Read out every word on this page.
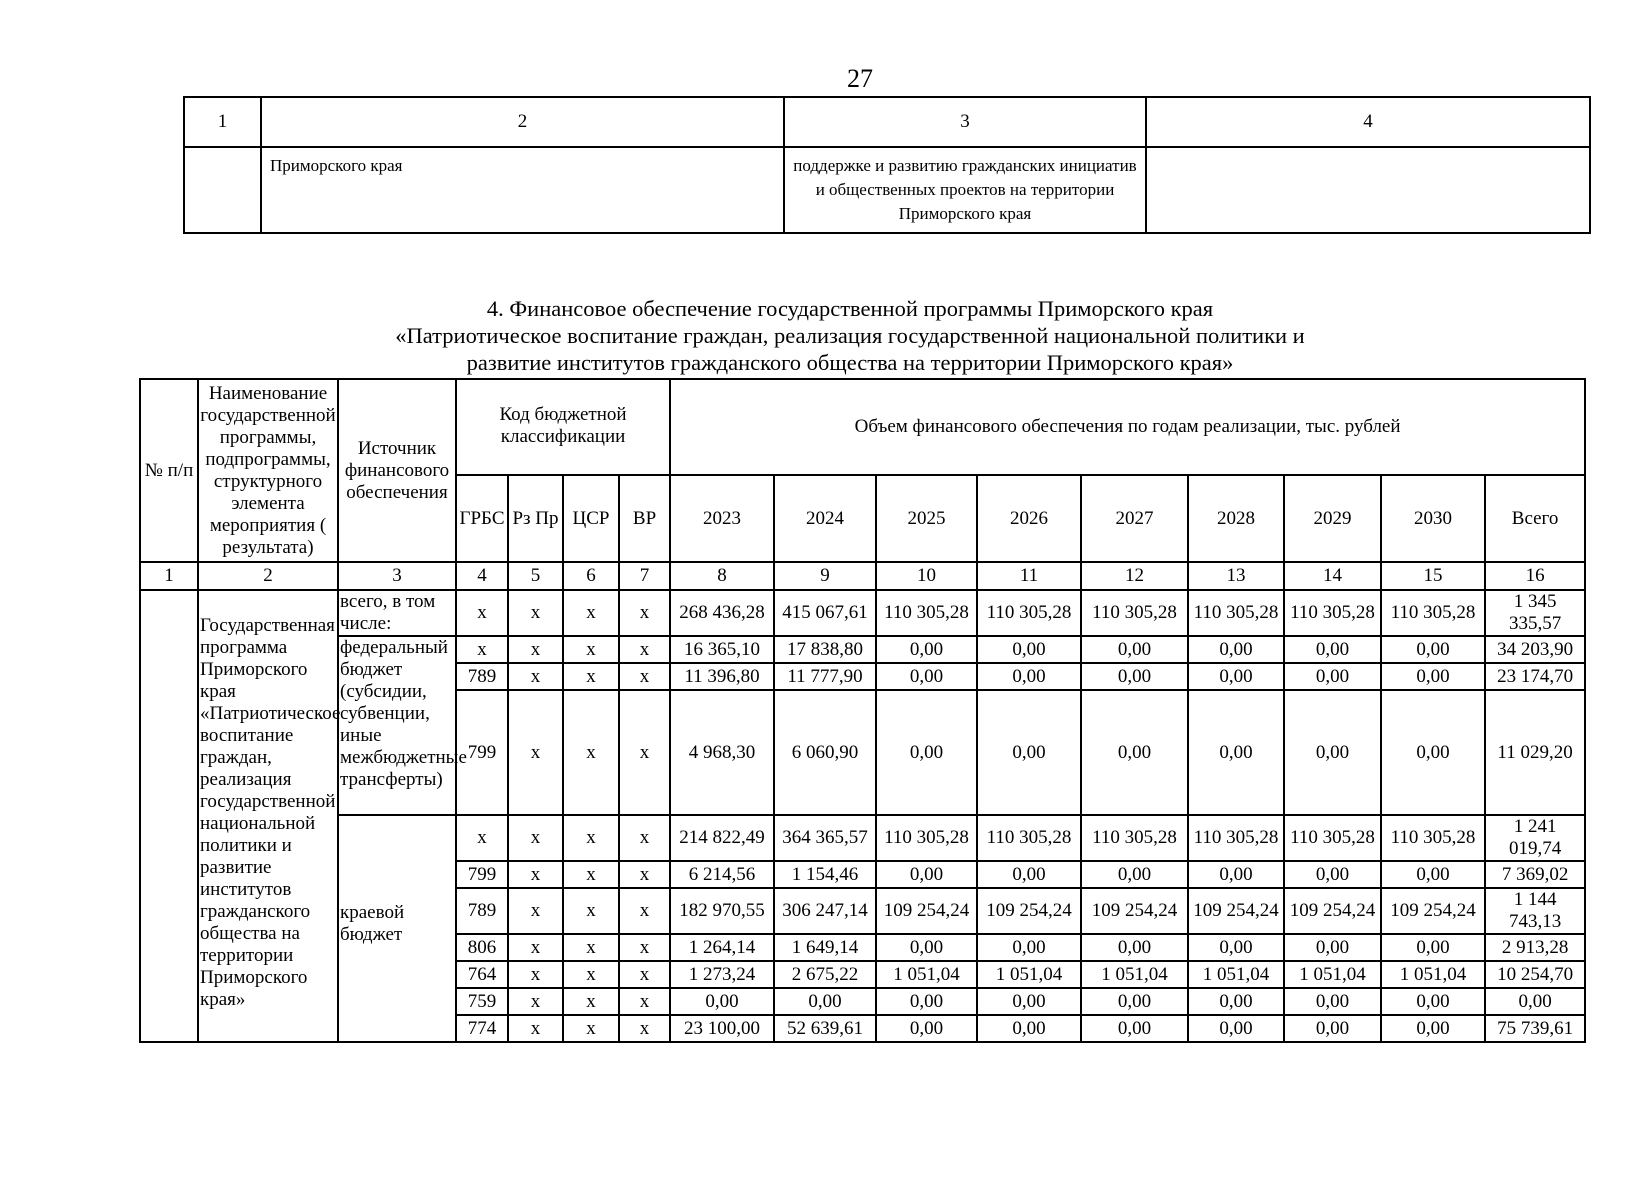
27
1	2	3	4
	Приморского края	поддержке и развитию гражданских инициатив и общественных проектов на территории Приморского края	
4. Финансовое обеспечение государственной программы Приморского края
«Патриотическое воспитание граждан, реализация государственной национальной политики и
развитие институтов гражданского общества на территории Приморского края»
№ п/п	Наименование государственной программы, подпрограммы, структурного элемента мероприятия ( результата)	Источник финансового обеспечения	Код бюджетной классификации				Объем финансового обеспечения по годам реализации, тыс. рублей								
			ГРБС	Рз Пр	ЦСР	ВР	2023	2024	2025	2026	2027	2028	2029	2030	Всего
1	2	3	4	5	6	7	8	9	10	11	12	13	14	15	16
	Государственная программа Приморского края «Патриотическое воспитание граждан, реализация государственной национальной политики и развитие институтов гражданского общества на территории Приморского края»	всего, в том числе:	x	x	x	x	268 436,28	415 067,61	110 305,28	110 305,28	110 305,28	110 305,28	110 305,28	110 305,28	1 345 335,57
		федеральный бюджет (субсидии, субвенции, иные межбюджетные трансферты)	x	x	x	x	16 365,10	17 838,80	0,00	0,00	0,00	0,00	0,00	0,00	34 203,90
			789	x	x	x	11 396,80	11 777,90	0,00	0,00	0,00	0,00	0,00	0,00	23 174,70
			799	x	x	x	4 968,30	6 060,90	0,00	0,00	0,00	0,00	0,00	0,00	11 029,20
		краевой бюджет	x	x	x	x	214 822,49	364 365,57	110 305,28	110 305,28	110 305,28	110 305,28	110 305,28	110 305,28	1 241 019,74
			799	x	x	x	6 214,56	1 154,46	0,00	0,00	0,00	0,00	0,00	0,00	7 369,02
			789	x	x	x	182 970,55	306 247,14	109 254,24	109 254,24	109 254,24	109 254,24	109 254,24	109 254,24	1 144 743,13
			806	x	x	x	1 264,14	1 649,14	0,00	0,00	0,00	0,00	0,00	0,00	2 913,28
			764	x	x	x	1 273,24	2 675,22	1 051,04	1 051,04	1 051,04	1 051,04	1 051,04	1 051,04	10 254,70
			759	x	x	x	0,00	0,00	0,00	0,00	0,00	0,00	0,00	0,00	0,00
			774	x	x	x	23 100,00	52 639,61	0,00	0,00	0,00	0,00	0,00	0,00	75 739,61
